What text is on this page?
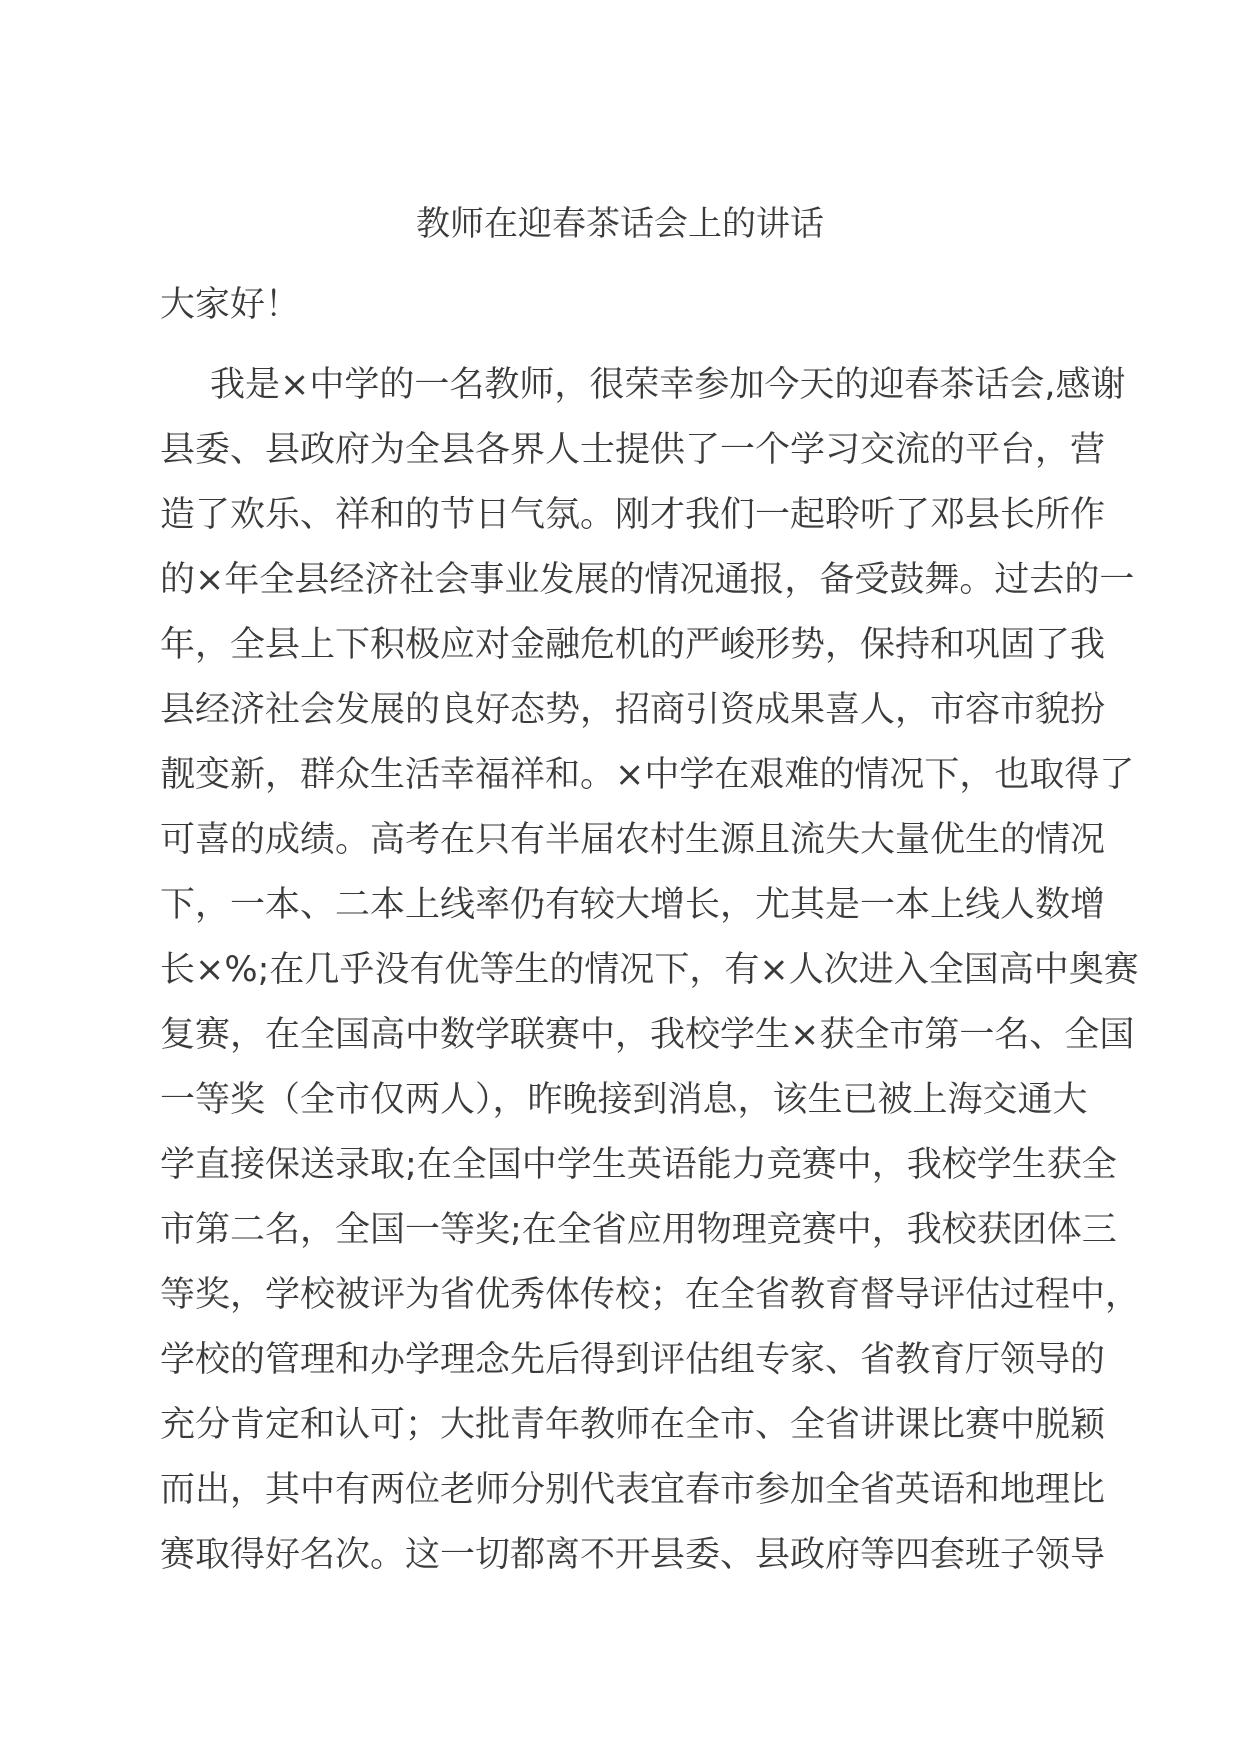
教师在迎春茶话会上的讲话
大家好！
我是×中学的一名教师，很荣幸参加今天的迎春茶话会,感谢
县委、县政府为全县各界人士提供了一个学习交流的平台，营
造了欢乐、祥和的节日气氛。刚才我们一起聆听了邓县长所作
的×年全县经济社会事业发展的情况通报，备受鼓舞。过去的一
年，全县上下积极应对金融危机的严峻形势，保持和巩固了我
县经济社会发展的良好态势，招商引资成果喜人，市容市貌扮
靓变新，群众生活幸福祥和。×中学在艰难的情况下，也取得了
可喜的成绩。高考在只有半届农村生源且流失大量优生的情况
下，一本、二本上线率仍有较大增长，尤其是一本上线人数增
长×%;在几乎没有优等生的情况下，有×人次进入全国高中奥赛
复赛，在全国高中数学联赛中，我校学生×获全市第一名、全国
一等奖（全市仅两人），昨晚接到消息，该生已被上海交通大
学直接保送录取;在全国中学生英语能力竞赛中，我校学生获全
市第二名，全国一等奖;在全省应用物理竞赛中，我校获团体三
等奖，学校被评为省优秀体传校；在全省教育督导评估过程中，
学校的管理和办学理念先后得到评估组专家、省教育厅领导的
充分肯定和认可；大批青年教师在全市、全省讲课比赛中脱颖
而出，其中有两位老师分别代表宜春市参加全省英语和地理比
赛取得好名次。这一切都离不开县委、县政府等四套班子领导
